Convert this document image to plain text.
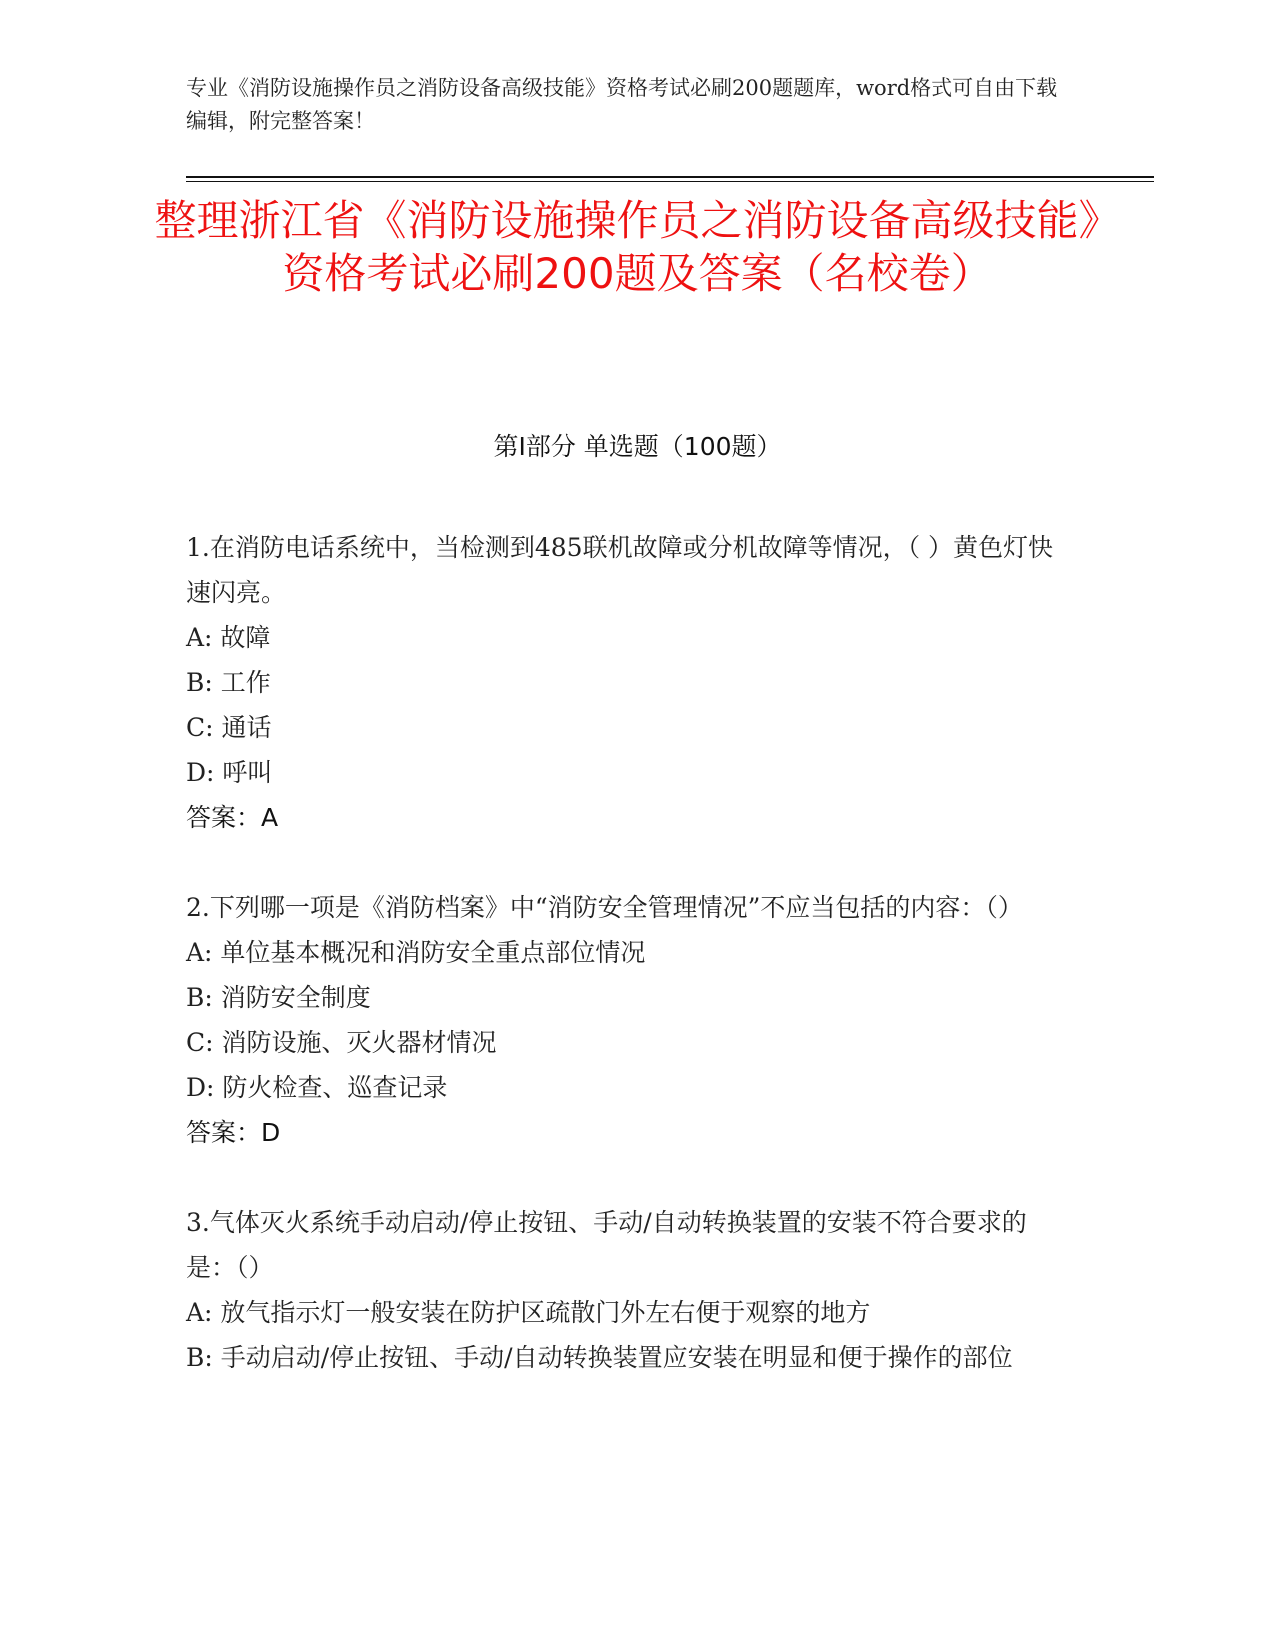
专业《消防设施操作员之消防设备高级技能》资格考试必刷200题题库，word格式可自由下载编辑，附完整答案！
整理浙江省《消防设施操作员之消防设备高级技能》资格考试必刷200题及答案（名校卷）
第I部分 单选题（100题）

1.在消防电话系统中，当检测到485联机故障或分机故障等情况，（ ）黄色灯快速闪亮。

A: 故障

B: 工作

C: 通话

D: 呼叫

答案：A

2.下列哪一项是《消防档案》中“消防安全管理情况”不应当包括的内容：（）

A: 单位基本概况和消防安全重点部位情况

B: 消防安全制度

C: 消防设施、灭火器材情况

D: 防火检查、巡查记录

答案：D

3.气体灭火系统手动启动/停止按钮、手动/自动转换装置的安装不符合要求的是：（）

A: 放气指示灯一般安装在防护区疏散门外左右便于观察的地方

B: 手动启动/停止按钮、手动/自动转换装置应安装在明显和便于操作的部位
